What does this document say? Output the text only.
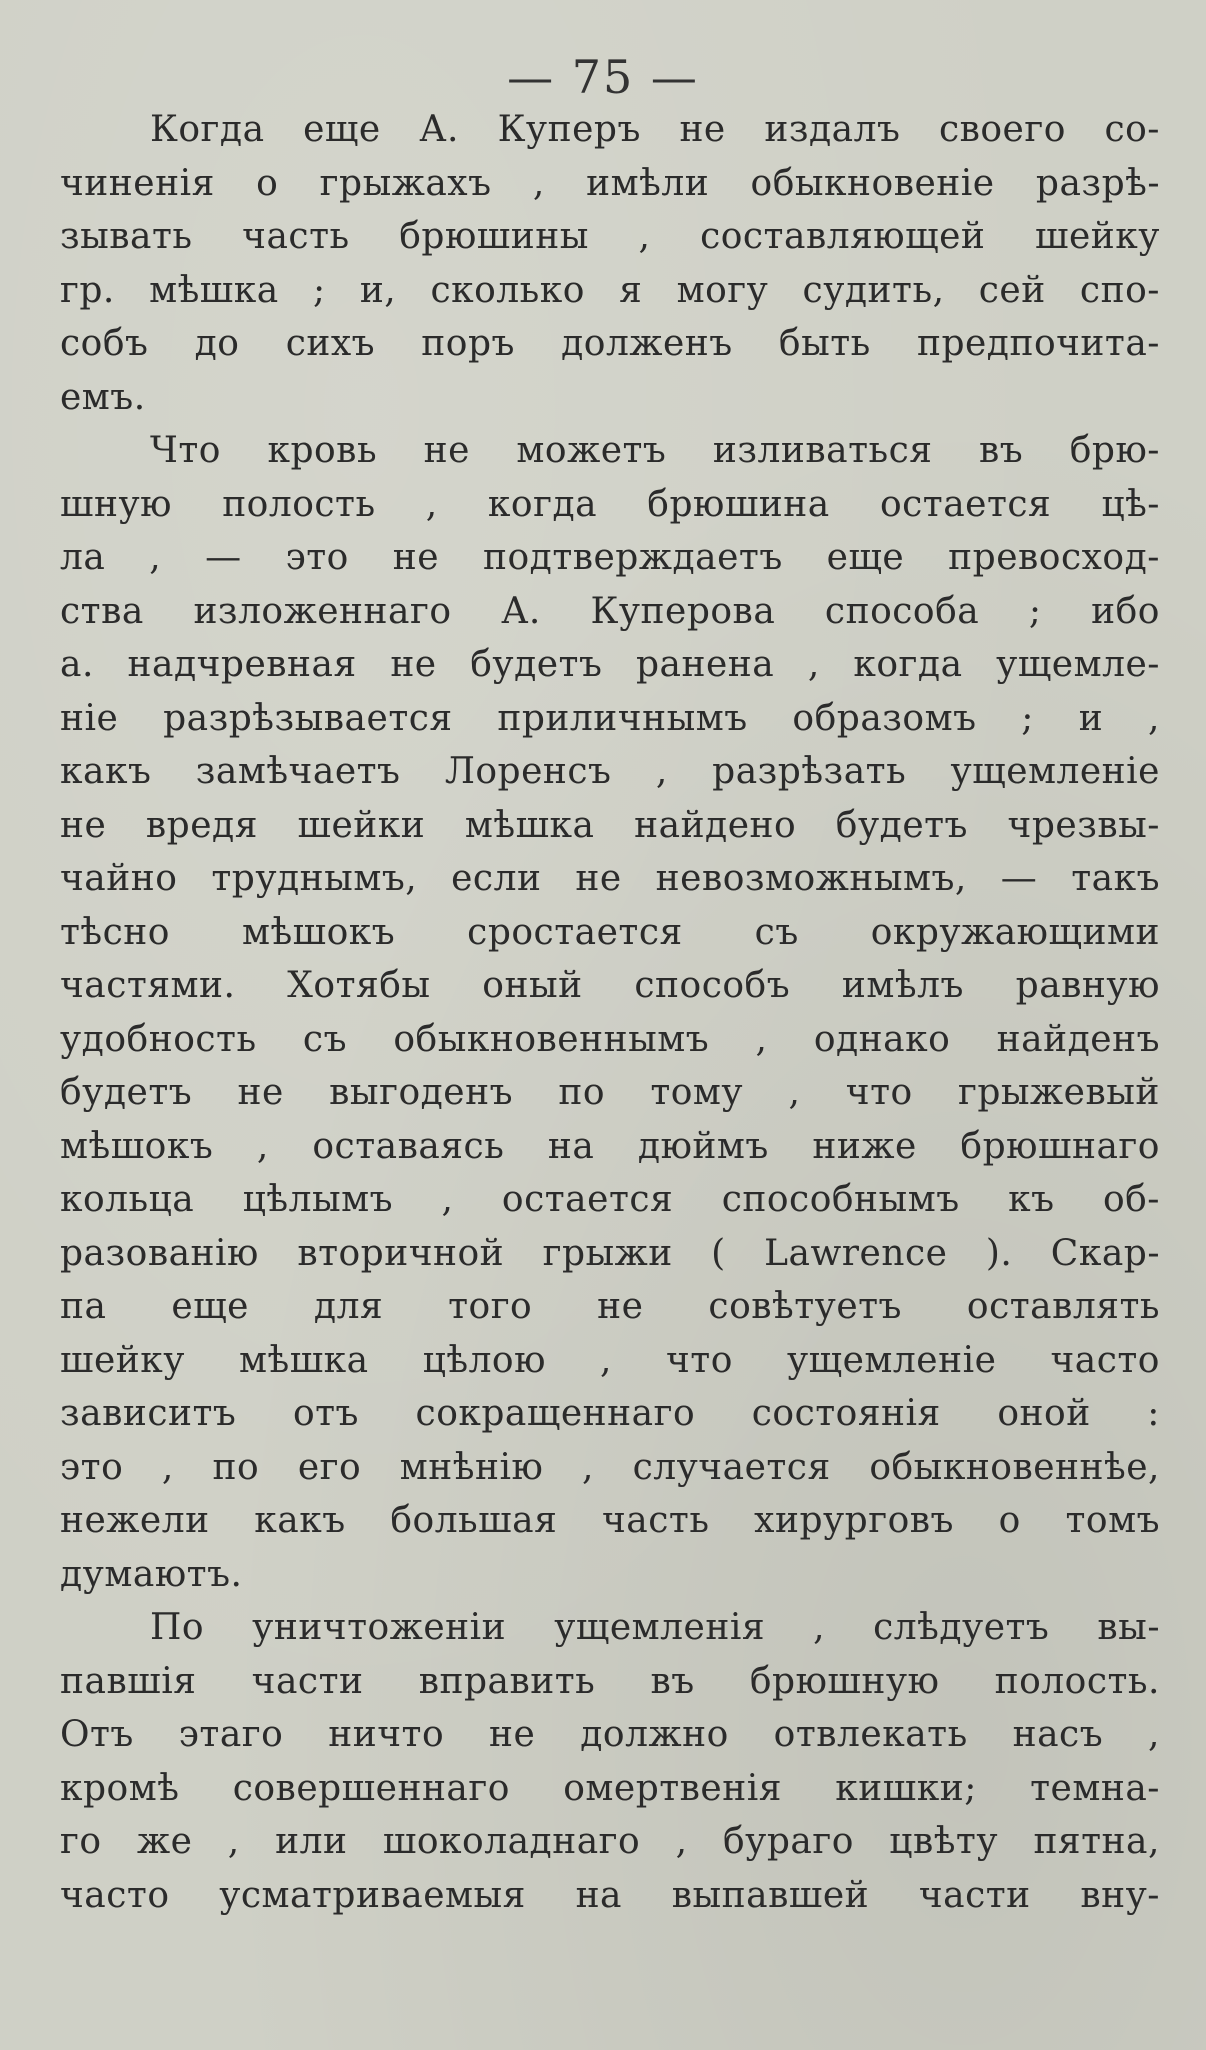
— 75 —
Когда еще А. Куперъ не издалъ своего со-
чиненія о грыжахъ , имѣли обыкновеніе разрѣ-
зывать часть брюшины , составляющей шейку
гр. мѣшка ; и, сколько я могу судить, сей спо-
собъ до сихъ поръ долженъ быть предпочита-
емъ.
Что кровь не можетъ изливаться въ брю-
шную полость , когда брюшина остается цѣ-
ла , — это не подтверждаетъ еще превосход-
ства изложеннаго А. Куперова способа ; ибо
а. надчревная не будетъ ранена , когда ущемле-
ніе разрѣзывается приличнымъ образомъ ; и ,
какъ замѣчаетъ Лоренсъ , разрѣзать ущемленіе
не вредя шейки мѣшка найдено будетъ чрезвы-
чайно труднымъ, если не невозможнымъ, — такъ
тѣсно мѣшокъ сростается съ окружающими
частями. Хотябы оный способъ имѣлъ равную
удобность съ обыкновеннымъ , однако найденъ
будетъ не выгоденъ по тому , что грыжевый
мѣшокъ , оставаясь на дюймъ ниже брюшнаго
кольца цѣлымъ , остается способнымъ къ об-
разованію вторичной грыжи ( Lawrence ). Скар-
па еще для того не совѣтуетъ оставлять
шейку мѣшка цѣлою , что ущемленіе часто
зависитъ отъ сокращеннаго состоянія оной :
это , по его мнѣнію , случается обыкновеннѣе,
нежели какъ большая часть хирурговъ о томъ
думаютъ.
По уничтоженіи ущемленія , слѣдуетъ вы-
павшія части вправить въ брюшную полость.
Отъ этаго ничто не должно отвлекать насъ ,
кромѣ совершеннаго омертвенія кишки; темна-
го же , или шоколаднаго , бураго цвѣту пятна,
часто усматриваемыя на выпавшей части вну-
